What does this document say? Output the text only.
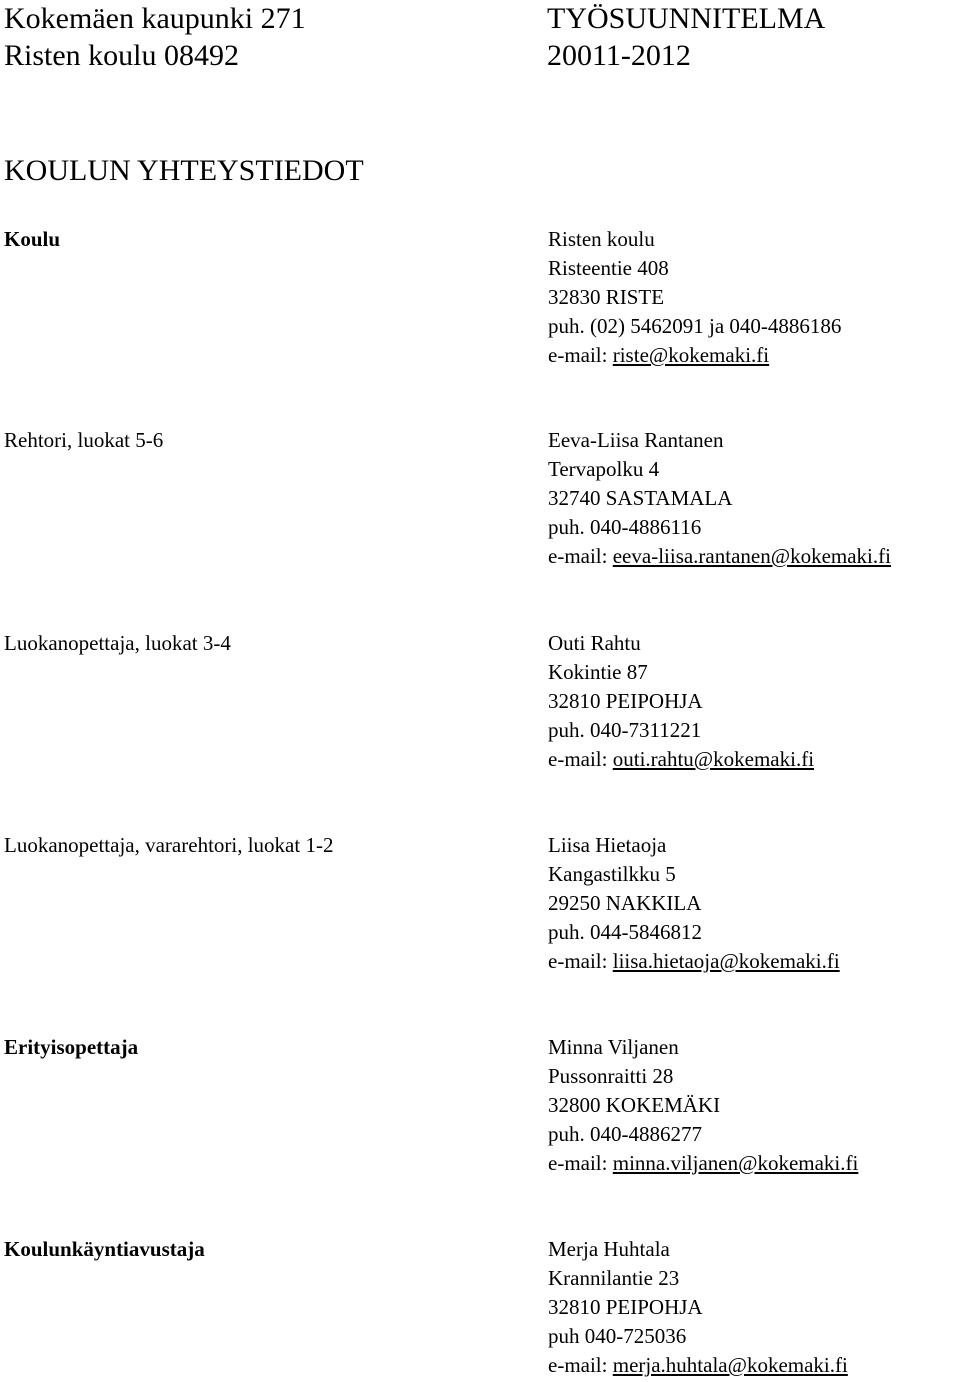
Kokemäen kaupunki 271
Risten koulu 08492
TYÖSUUNNITELMA
20011-2012
KOULUN YHTEYSTIEDOT
Koulu	Risten koulu
Risteentie 408
32830 RISTE
puh. (02) 5462091 ja 040-4886186
e-mail: riste@kokemaki.fi
Rehtori, luokat 5-6	Eeva-Liisa Rantanen
Tervapolku 4
32740 SASTAMALA
puh. 040-4886116
e-mail: eeva-liisa.rantanen@kokemaki.fi
Luokanopettaja, luokat 3-4	Outi Rahtu
Kokintie 87
32810 PEIPOHJA
puh. 040-7311221
e-mail: outi.rahtu@kokemaki.fi
Luokanopettaja, vararehtori, luokat 1-2	Liisa Hietaoja
Kangastilkku 5
29250 NAKKILA
puh. 044-5846812
e-mail: liisa.hietaoja@kokemaki.fi
Erityisopettaja	Minna Viljanen
Pussonraitti 28
32800 KOKEMÄKI
puh. 040-4886277
e-mail: minna.viljanen@kokemaki.fi
Koulunkäyntiavustaja	Merja Huhtala
Krannilantie 23
32810 PEIPOHJA
puh 040-725036
e-mail: merja.huhtala@kokemaki.fi
